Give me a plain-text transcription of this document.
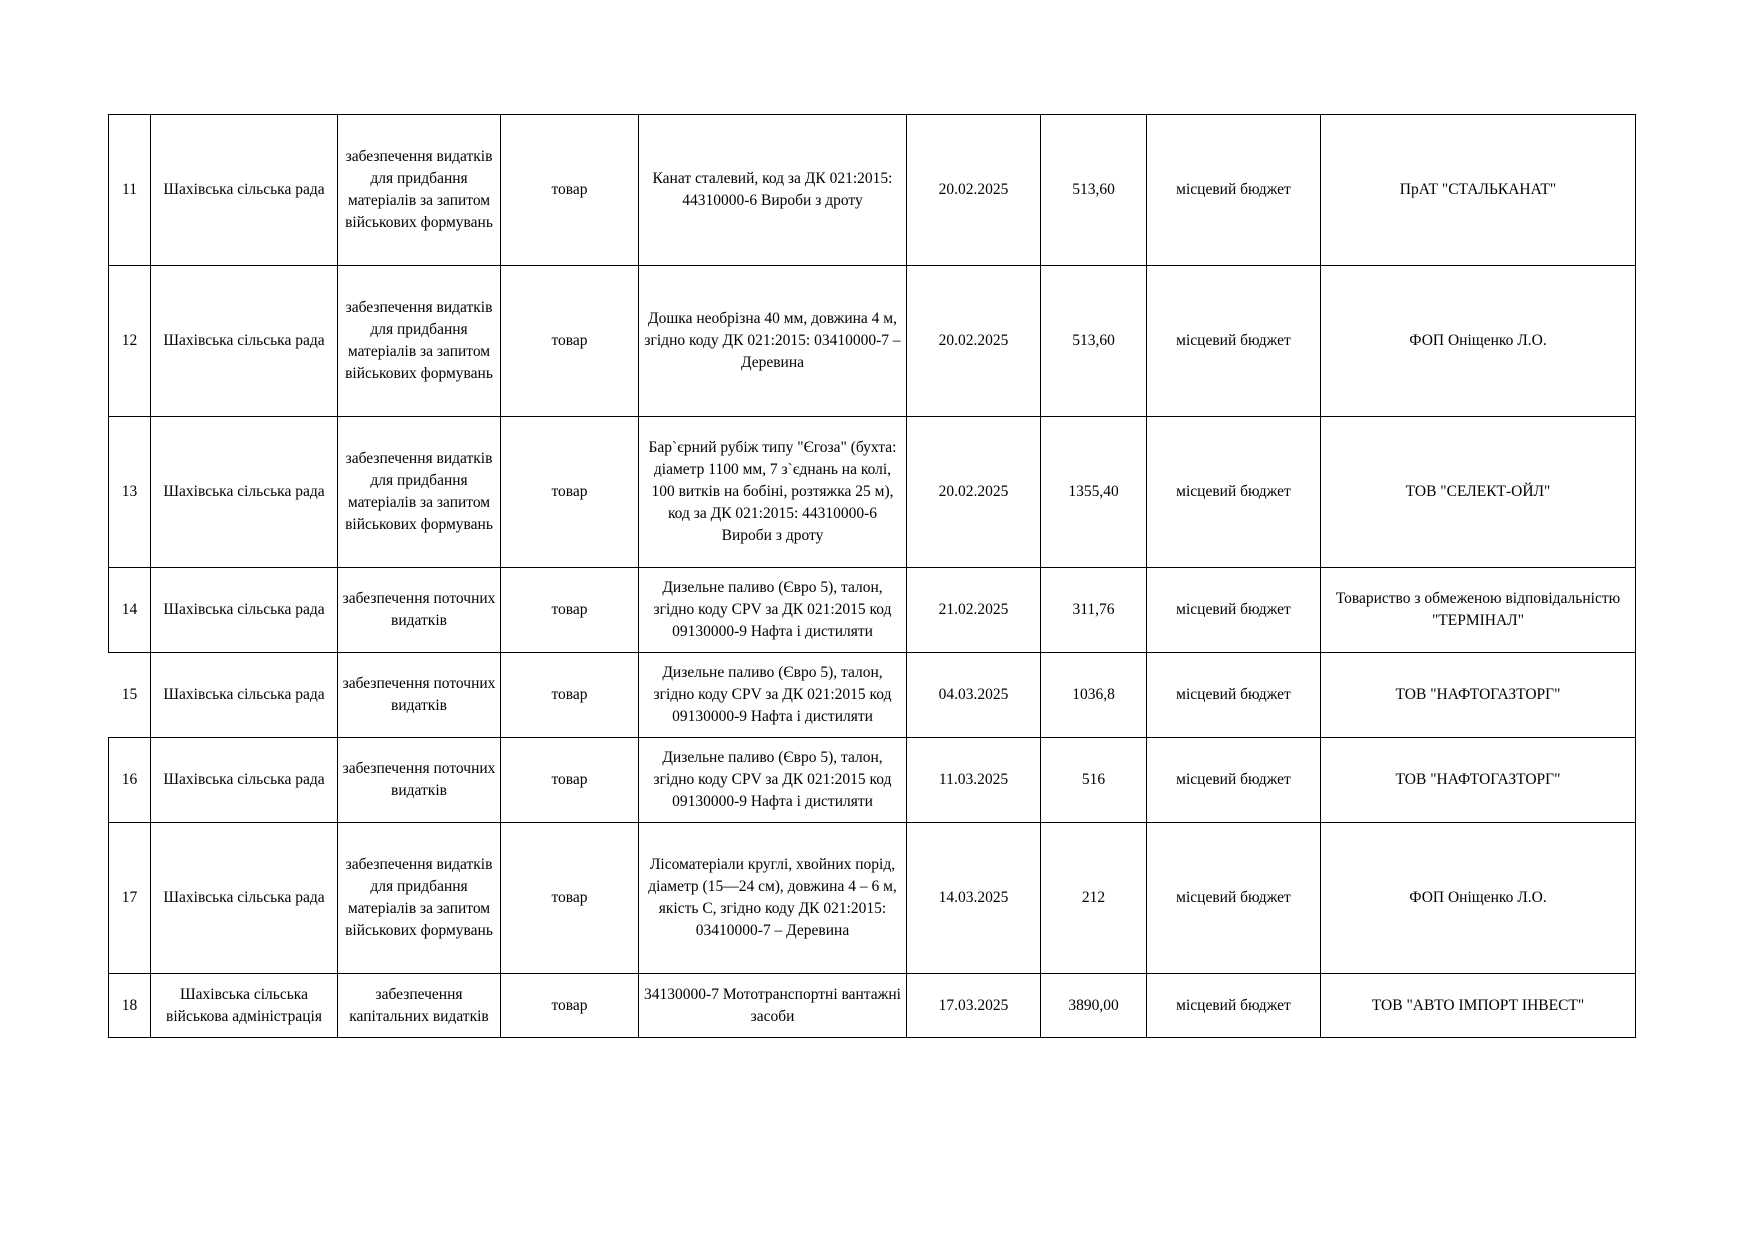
11	Шахівська сільська рада	забезпечення видатків для придбання матеріалів за запитом військових формувань	товар	Канат сталевий, код за ДК 021:2015: 44310000-6 Вироби з дроту	20.02.2025	513,60	місцевий бюджет	ПрАТ "СТАЛЬКАНАТ"
12	Шахівська сільська рада	забезпечення видатків для придбання матеріалів за запитом військових формувань	товар	Дошка необрізна 40 мм, довжина 4 м, згідно коду ДК 021:2015: 03410000-7 – Деревина	20.02.2025	513,60	місцевий бюджет	ФОП Оніщенко Л.О.
13	Шахівська сільська рада	забезпечення видатків для придбання матеріалів за запитом військових формувань	товар	Бар`єрний рубіж типу "Єгоза" (бухта: діаметр 1100 мм, 7 з`єднань на колі, 100 витків на бобіні, розтяжка 25 м), код за ДК 021:2015: 44310000-6 Вироби з дроту	20.02.2025	1355,40	місцевий бюджет	ТОВ "СЕЛЕКТ-ОЙЛ"
14	Шахівська сільська рада	забезпечення поточних видатків	товар	Дизельне паливо (Євро 5), талон, згідно коду CPV за ДК 021:2015 код 09130000-9 Нафта і дистиляти	21.02.2025	311,76	місцевий бюджет	Товариство з обмеженою відповідальністю "ТЕРМІНАЛ"
15	Шахівська сільська рада	забезпечення поточних видатків	товар	Дизельне паливо (Євро 5), талон, згідно коду CPV за ДК 021:2015 код 09130000-9 Нафта і дистиляти	04.03.2025	1036,8	місцевий бюджет	ТОВ "НАФТОГАЗТОРГ"
16	Шахівська сільська рада	забезпечення поточних видатків	товар	Дизельне паливо (Євро 5), талон, згідно коду CPV за ДК 021:2015 код 09130000-9 Нафта і дистиляти	11.03.2025	516	місцевий бюджет	ТОВ "НАФТОГАЗТОРГ"
17	Шахівська сільська рада	забезпечення видатків для придбання матеріалів за запитом військових формувань	товар	Лісоматеріали круглі, хвойних порід, діаметр (15—24 см), довжина 4 – 6 м, якість С, згідно коду ДК 021:2015: 03410000-7 – Деревина	14.03.2025	212	місцевий бюджет	ФОП Оніщенко Л.О.
18	Шахівська сільська військова адміністрація	забезпечення капітальних видатків	товар	34130000-7 Мототранспортні вантажні засоби	17.03.2025	3890,00	місцевий бюджет	ТОВ "АВТО ІМПОРТ ІНВЕСТ"
